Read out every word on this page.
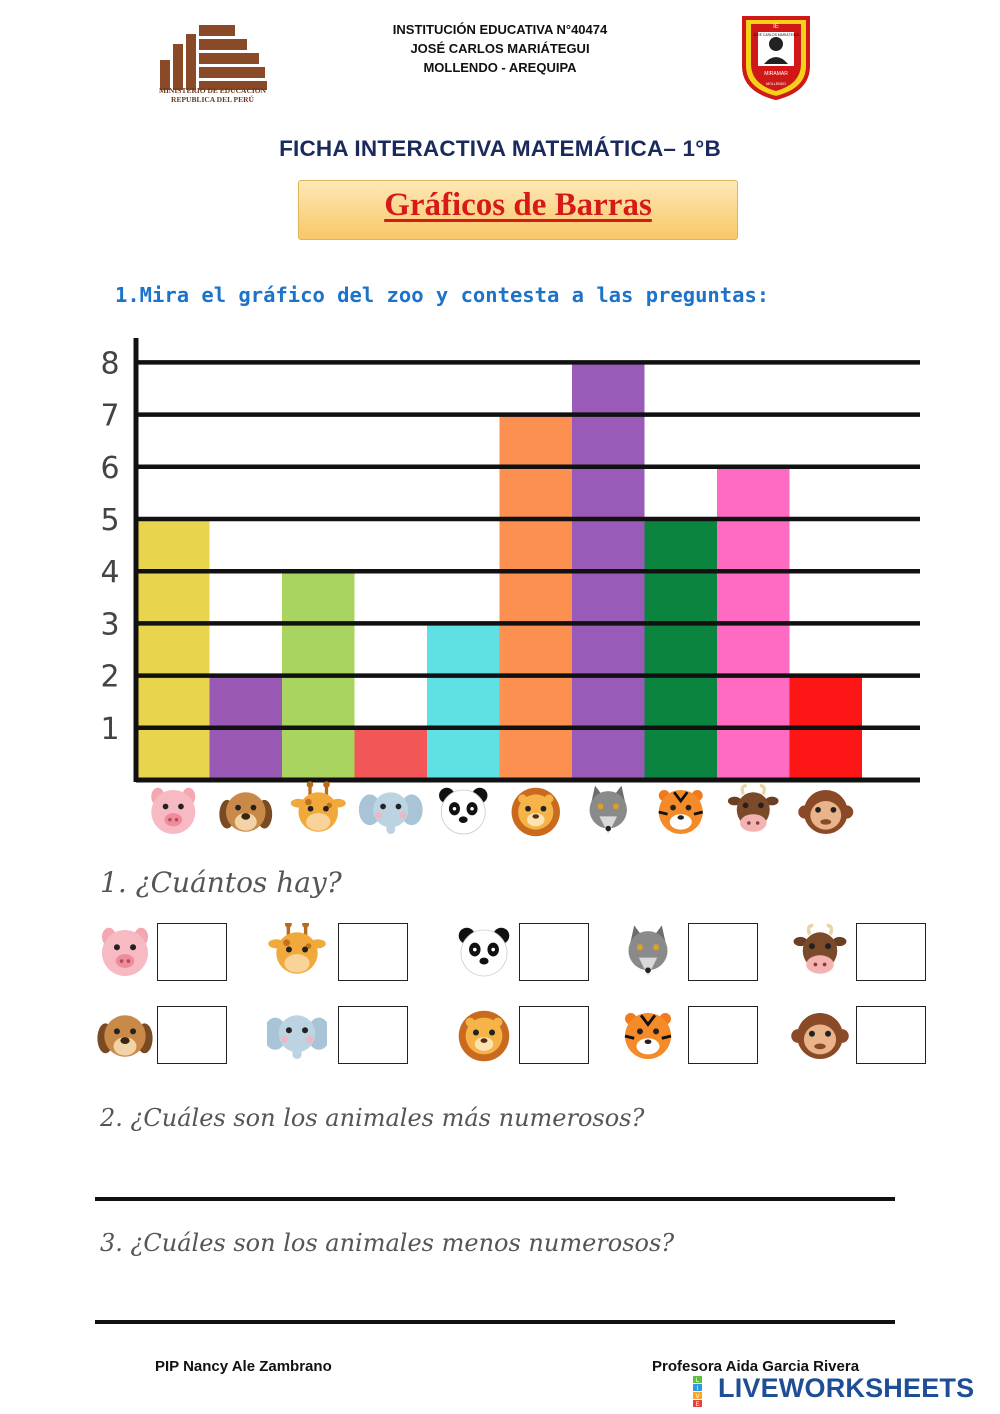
MINISTERIO DE EDUCACIÓN
REPUBLICA DEL PERÚ
INSTITUCIÓN EDUCATIVA N°40474
JOSÉ CARLOS MARIÁTEGUI
MOLLENDO - AREQUIPA
IE
JOSÉ CARLOS MARIÁTEGUI
MIRAMAR
MOLLENDO
FICHA INTERACTIVA MATEMÁTICA– 1°B
Gráficos de Barras
1.Mira el gráfico del zoo y contesta a las preguntas:
1
2
3
4
5
6
7
8
1. ¿Cuántos hay?
2. ¿Cuáles son los animales más numerosos?
3. ¿Cuáles son los animales menos numerosos?
PIP Nancy Ale Zambrano	Profesora Aida Garcia Rivera
L
I
V
E
LIVEWORKSHEETS
